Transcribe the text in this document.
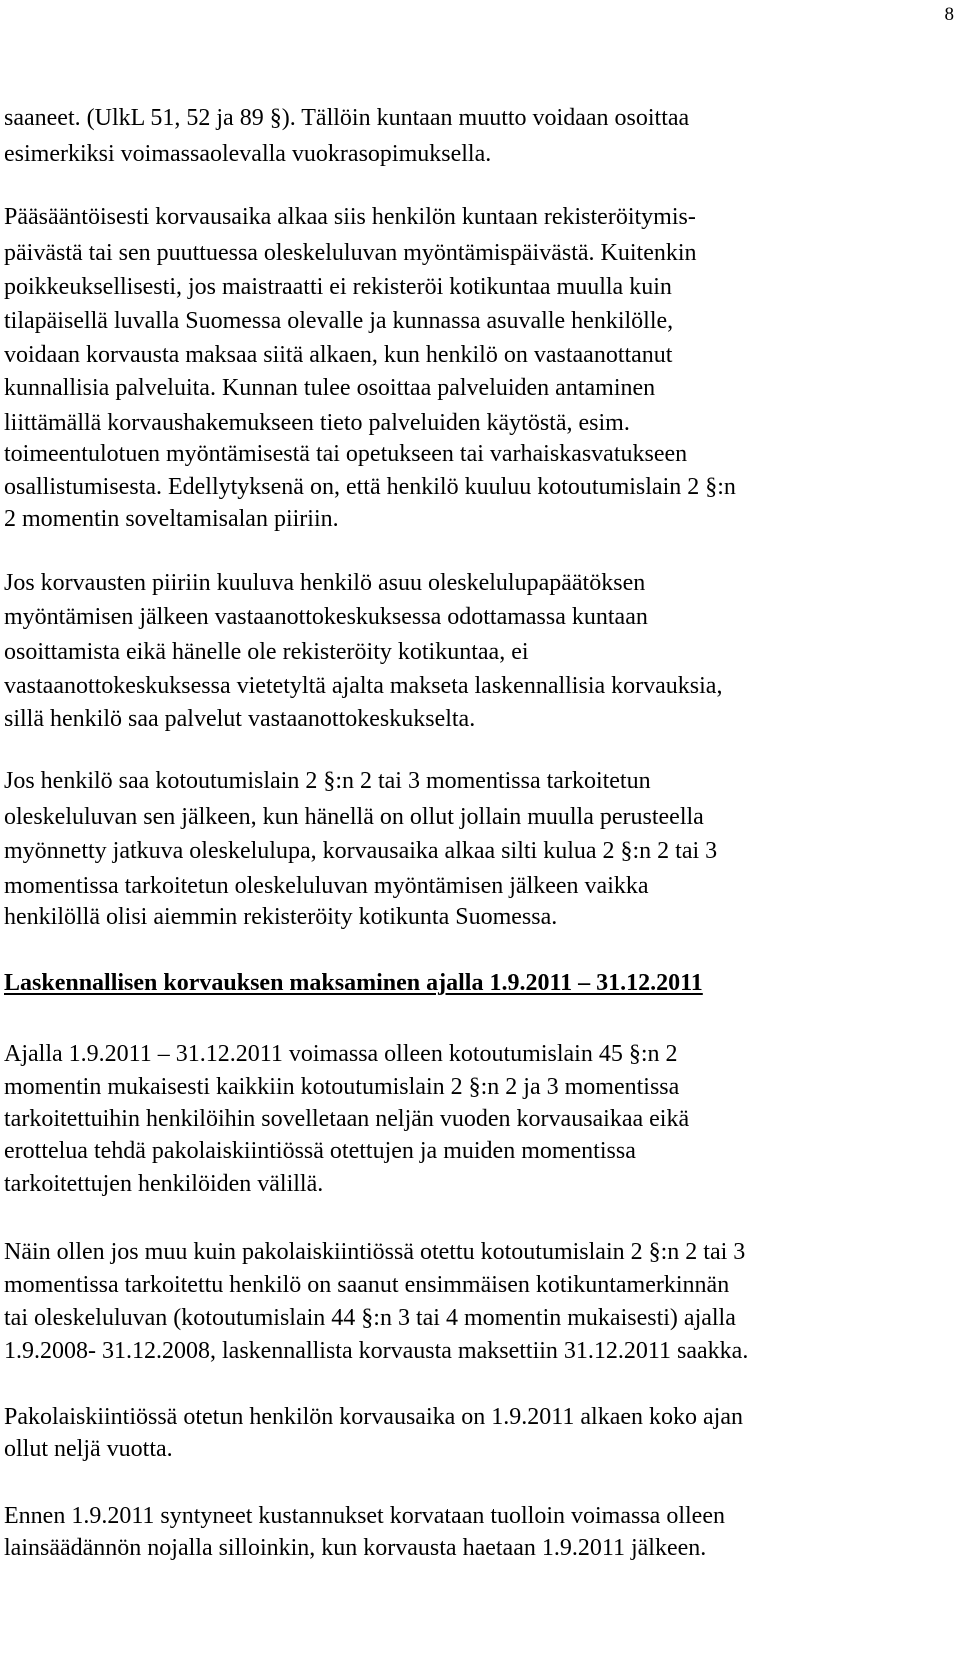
8
saaneet. (UlkL 51, 52 ja 89 §). Tällöin kuntaan muutto voidaan osoittaa
esimerkiksi voimassaolevalla vuokrasopimuksella.
Pääsääntöisesti korvausaika alkaa siis henkilön kuntaan rekisteröitymis-
päivästä tai sen puuttuessa oleskeluluvan myöntämispäivästä. Kuitenkin
poikkeuksellisesti, jos maistraatti ei rekisteröi kotikuntaa muulla kuin
tilapäisellä luvalla Suomessa olevalle ja kunnassa asuvalle henkilölle,
voidaan korvausta maksaa siitä alkaen, kun henkilö on vastaanottanut
kunnallisia palveluita. Kunnan tulee osoittaa palveluiden antaminen
liittämällä korvaushakemukseen tieto palveluiden käytöstä, esim.
toimeentulotuen myöntämisestä tai opetukseen tai varhaiskasvatukseen
osallistumisesta. Edellytyksenä on, että henkilö kuuluu kotoutumislain 2 §:n
2 momentin soveltamisalan piiriin.
Jos korvausten piiriin kuuluva henkilö asuu oleskelulupapäätöksen
myöntämisen jälkeen vastaanottokeskuksessa odottamassa kuntaan
osoittamista eikä hänelle ole rekisteröity kotikuntaa, ei
vastaanottokeskuksessa vietetyltä ajalta makseta laskennallisia korvauksia,
sillä henkilö saa palvelut vastaanottokeskukselta.
Jos henkilö saa kotoutumislain 2 §:n 2 tai 3 momentissa tarkoitetun
oleskeluluvan sen jälkeen, kun hänellä on ollut jollain muulla perusteella
myönnetty jatkuva oleskelulupa, korvausaika alkaa silti kulua 2 §:n 2 tai 3
momentissa tarkoitetun oleskeluluvan myöntämisen jälkeen vaikka
henkilöllä olisi aiemmin rekisteröity kotikunta Suomessa.
Laskennallisen korvauksen maksaminen ajalla 1.9.2011 – 31.12.2011
Ajalla 1.9.2011 – 31.12.2011 voimassa olleen kotoutumislain 45 §:n 2
momentin mukaisesti kaikkiin kotoutumislain 2 §:n 2 ja 3 momentissa
tarkoitettuihin henkilöihin sovelletaan neljän vuoden korvausaikaa eikä
erottelua tehdä pakolaiskiintiössä otettujen ja muiden momentissa
tarkoitettujen henkilöiden välillä.
Näin ollen jos muu kuin pakolaiskiintiössä otettu kotoutumislain 2 §:n 2 tai 3
momentissa tarkoitettu henkilö on saanut ensimmäisen kotikuntamerkinnän
tai oleskeluluvan (kotoutumislain 44 §:n 3 tai 4 momentin mukaisesti) ajalla
1.9.2008- 31.12.2008, laskennallista korvausta maksettiin 31.12.2011 saakka.
Pakolaiskiintiössä otetun henkilön korvausaika on 1.9.2011 alkaen koko ajan
ollut neljä vuotta.
Ennen 1.9.2011 syntyneet kustannukset korvataan tuolloin voimassa olleen
lainsäädännön nojalla silloinkin, kun korvausta haetaan 1.9.2011 jälkeen.
